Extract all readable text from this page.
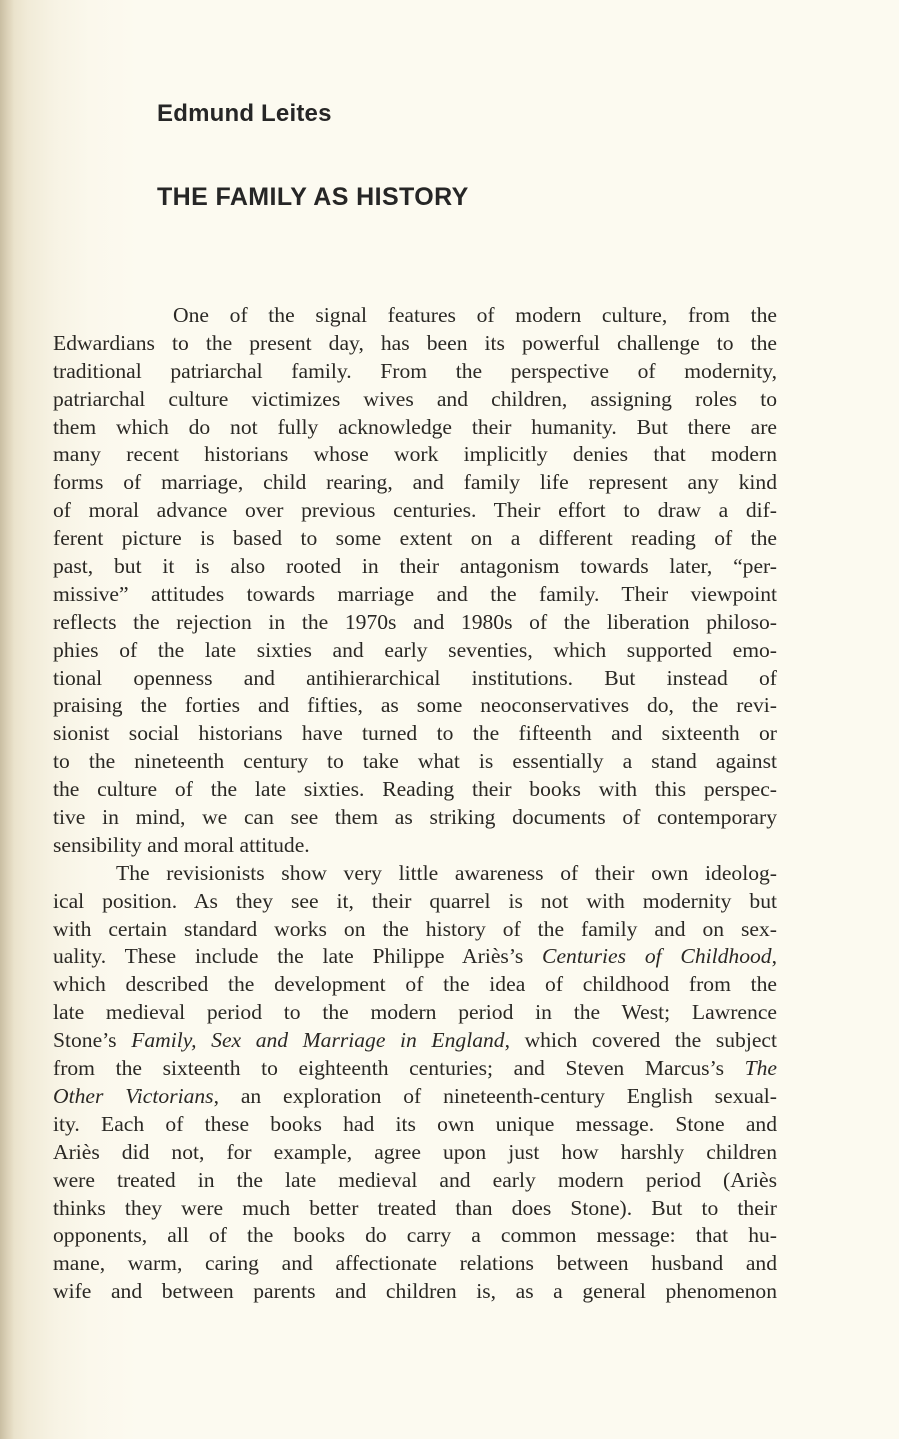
Edmund Leites
THE FAMILY AS HISTORY
One of the signal features of modern culture, from the
Edwardians to the present day, has been its powerful challenge to the
traditional patriarchal family. From the perspective of modernity,
patriarchal culture victimizes wives and children, assigning roles to
them which do not fully acknowledge their humanity. But there are
many recent historians whose work implicitly denies that modern
forms of marriage, child rearing, and family life represent any kind
of moral advance over previous centuries. Their effort to draw a dif-
ferent picture is based to some extent on a different reading of the
past, but it is also rooted in their antagonism towards later, “per-
missive” attitudes towards marriage and the family. Their viewpoint
reflects the rejection in the 1970s and 1980s of the liberation philoso-
phies of the late sixties and early seventies, which supported emo-
tional openness and antihierarchical institutions. But instead of
praising the forties and fifties, as some neoconservatives do, the revi-
sionist social historians have turned to the fifteenth and sixteenth or
to the nineteenth century to take what is essentially a stand against
the culture of the late sixties. Reading their books with this perspec-
tive in mind, we can see them as striking documents of contemporary
sensibility and moral attitude.
The revisionists show very little awareness of their own ideolog-
ical position. As they see it, their quarrel is not with modernity but
with certain standard works on the history of the family and on sex-
uality. These include the late Philippe Ariès’s Centuries of Childhood,
which described the development of the idea of childhood from the
late medieval period to the modern period in the West; Lawrence
Stone’s Family, Sex and Marriage in England, which covered the subject
from the sixteenth to eighteenth centuries; and Steven Marcus’s The
Other Victorians, an exploration of nineteenth-century English sexual-
ity. Each of these books had its own unique message. Stone and
Ariès did not, for example, agree upon just how harshly children
were treated in the late medieval and early modern period (Ariès
thinks they were much better treated than does Stone). But to their
opponents, all of the books do carry a common message: that hu-
mane, warm, caring and affectionate relations between husband and
wife and between parents and children is, as a general phenomenon
